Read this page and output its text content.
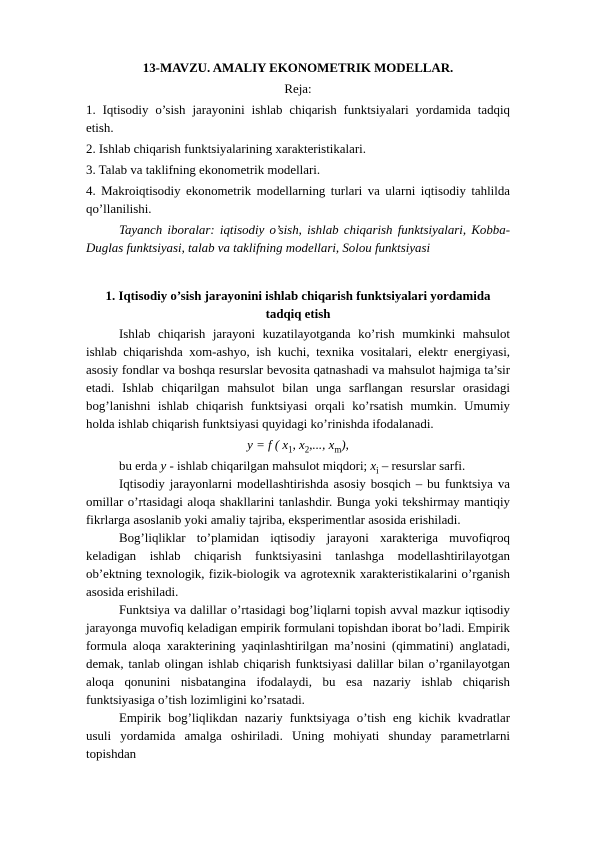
13-MAVZU. AMALIY EKONOMETRIK MODELLAR.

Reja:

1. Iqtisodiy o’sish jarayonini ishlab chiqarish funktsiyalari yordamida tadqiq etish.

2. Ishlab chiqarish funktsiyalarining xarakteristikalari.

3. Talab va taklifning ekonometrik modellari.

4. Makroiqtisodiy ekonometrik modellarning turlari va ularni iqtisodiy tahlilda qo’llanilishi.

Tayanch iboralar: iqtisodiy o’sish, ishlab chiqarish funktsiyalari, Kobba-Duglas funktsiyasi, talab va taklifning modellari, Solou funktsiyasi

1. Iqtisodiy o’sish jarayonini ishlab chiqarish funktsiyalari yordamida tadqiq etish

Ishlab chiqarish jarayoni kuzatilayotganda ko’rish mumkinki mahsulot ishlab chiqarishda xom-ashyo, ish kuchi, texnika vositalari, elektr energiyasi, asosiy fondlar va boshqa resurslar bevosita qatnashadi va mahsulot hajmiga ta’sir etadi. Ishlab chiqarilgan mahsulot bilan unga sarflangan resurslar orasidagi bog’lanishni ishlab chiqarish funktsiyasi orqali ko’rsatish mumkin. Umumiy holda ishlab chiqarish funktsiyasi quyidagi ko’rinishda ifodalanadi.

y = f ( $x_1$, $x_2$,..., $x_m$),

bu erda y - ishlab chiqarilgan mahsulot miqdori; $x_i$ – resurslar sarfi.

Iqtisodiy jarayonlarni modellashtirishda asosiy bosqich – bu funktsiya va omillar o’rtasidagi aloqa shakllarini tanlashdir. Bunga yoki tekshirmay mantiqiy fikrlarga asoslanib yoki amaliy tajriba, eksperimentlar asosida erishiladi.

Bog’liqliklar to’plamidan iqtisodiy jarayoni xarakteriga muvofiqroq keladigan ishlab chiqarish funktsiyasini tanlashga modellashtirilayotgan ob’ektning texnologik, fizik-biologik va agrotexnik xarakteristikalarini o’rganish asosida erishiladi.

Funktsiya va dalillar o’rtasidagi bog’liqlarni topish avval mazkur iqtisodiy jarayonga muvofiq keladigan empirik formulani topishdan iborat bo’ladi. Empirik formula aloqa xarakterining yaqinlashtirilgan ma’nosini (qimmatini) anglatadi, demak, tanlab olingan ishlab chiqarish funktsiyasi dalillar bilan o’rganilayotgan aloqa qonunini nisbatangina ifodalaydi, bu esa nazariy ishlab chiqarish funktsiyasiga o’tish lozimligini ko’rsatadi.

Empirik bog’liqlikdan nazariy funktsiyaga o’tish eng kichik kvadratlar usuli yordamida amalga oshiriladi. Uning mohiyati shunday parametrlarni topishdan
